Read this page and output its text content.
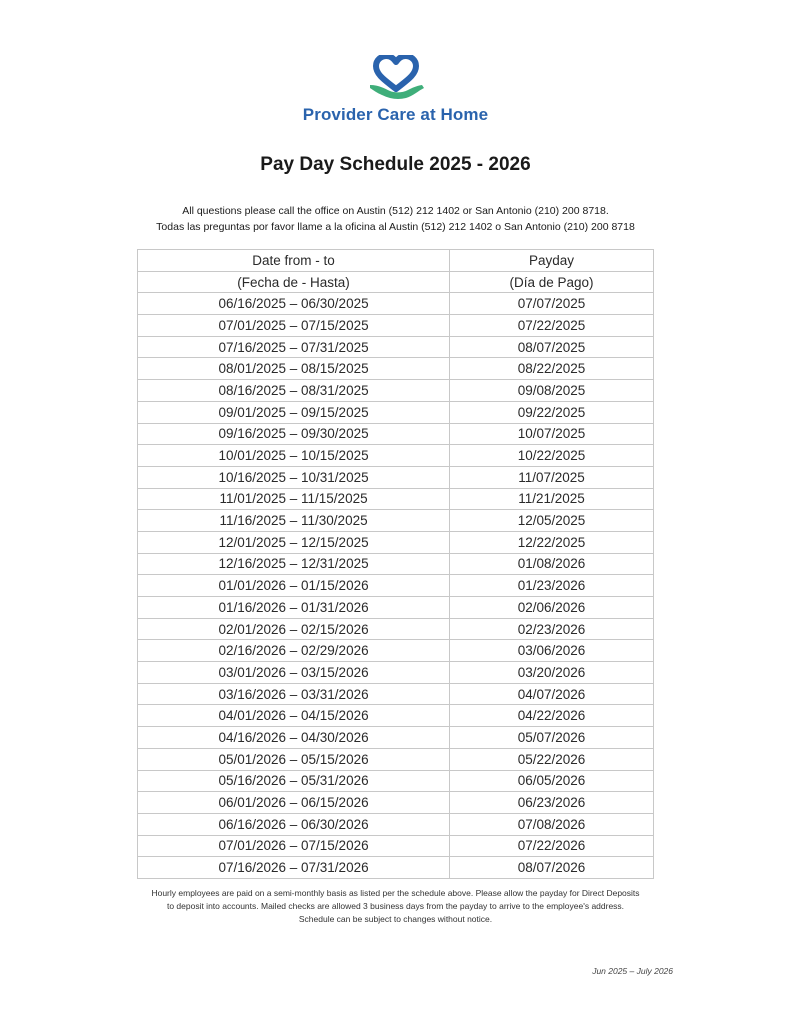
Provider Care at Home
Pay Day Schedule 2025 - 2026
All questions please call the office on Austin (512) 212 1402 or San Antonio (210) 200 8718.
Todas las preguntas por favor llame a la oficina al Austin (512) 212 1402 o San Antonio (210) 200 8718
Date from - to	Payday
(Fecha de - Hasta)	(Día de Pago)
06/16/2025 – 06/30/2025	07/07/2025
07/01/2025 – 07/15/2025	07/22/2025
07/16/2025 – 07/31/2025	08/07/2025
08/01/2025 – 08/15/2025	08/22/2025
08/16/2025 – 08/31/2025	09/08/2025
09/01/2025 – 09/15/2025	09/22/2025
09/16/2025 – 09/30/2025	10/07/2025
10/01/2025 – 10/15/2025	10/22/2025
10/16/2025 – 10/31/2025	11/07/2025
11/01/2025 – 11/15/2025	11/21/2025
11/16/2025 – 11/30/2025	12/05/2025
12/01/2025 – 12/15/2025	12/22/2025
12/16/2025 – 12/31/2025	01/08/2026
01/01/2026 – 01/15/2026	01/23/2026
01/16/2026 – 01/31/2026	02/06/2026
02/01/2026 – 02/15/2026	02/23/2026
02/16/2026 – 02/29/2026	03/06/2026
03/01/2026 – 03/15/2026	03/20/2026
03/16/2026 – 03/31/2026	04/07/2026
04/01/2026 – 04/15/2026	04/22/2026
04/16/2026 – 04/30/2026	05/07/2026
05/01/2026 – 05/15/2026	05/22/2026
05/16/2026 – 05/31/2026	06/05/2026
06/01/2026 – 06/15/2026	06/23/2026
06/16/2026 – 06/30/2026	07/08/2026
07/01/2026 – 07/15/2026	07/22/2026
07/16/2026 – 07/31/2026	08/07/2026
Hourly employees are paid on a semi-monthly basis as listed per the schedule above. Please allow the payday for Direct Deposits
to deposit into accounts. Mailed checks are allowed 3 business days from the payday to arrive to the employee's address.
Schedule can be subject to changes without notice.
Jun 2025 – July 2026
